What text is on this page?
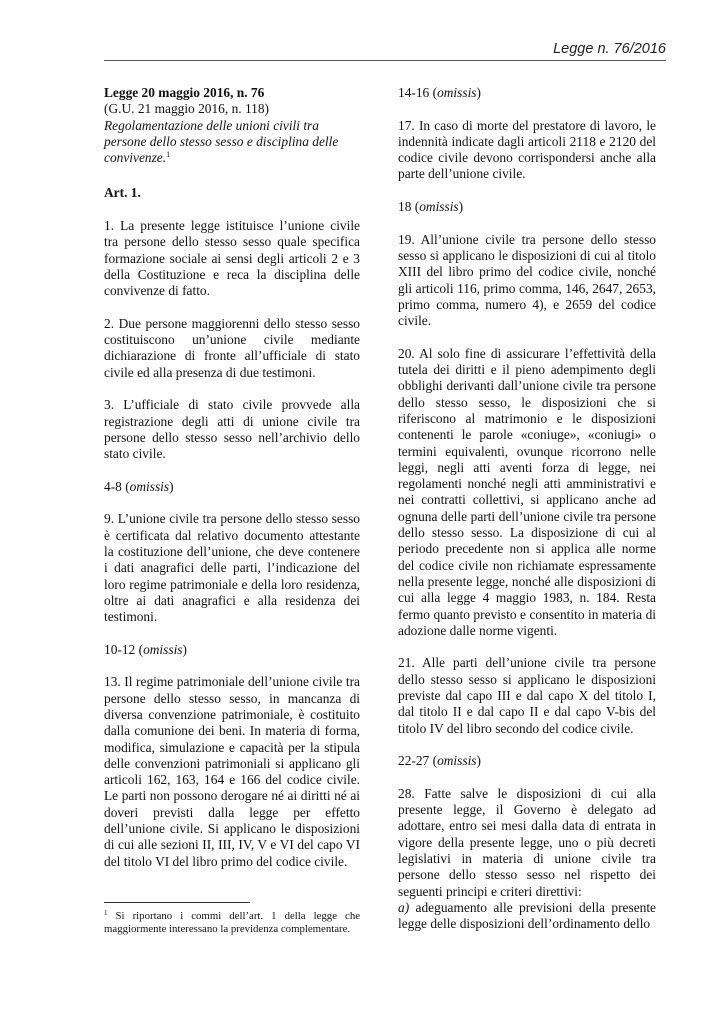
Legge n. 76/2016
Legge 20 maggio 2016, n. 76
(G.U. 21 maggio 2016, n. 118)
Regolamentazione delle unioni civili tra persone dello stesso sesso e disciplina delle convivenze.$^1$

Art. 1.

1. La presente legge istituisce l’unione civile tra persone dello stesso sesso quale specifica formazione sociale ai sensi degli articoli 2 e 3 della Costituzione e reca la disciplina delle convivenze di fatto.

2. Due persone maggiorenni dello stesso sesso costituiscono un’unione civile mediante dichiarazione di fronte all’ufficiale di stato civile ed alla presenza di due testimoni.

3. L’ufficiale di stato civile provvede alla registrazione degli atti di unione civile tra persone dello stesso sesso nell’archivio dello stato civile.

4-8 (omissis)

9. L’unione civile tra persone dello stesso sesso è certificata dal relativo documento attestante la costituzione dell’unione, che deve contenere i dati anagrafici delle parti, l’indicazione del loro regime patrimoniale e della loro residenza, oltre ai dati anagrafici e alla residenza dei testimoni.

10-12 (omissis)

13. Il regime patrimoniale dell’unione civile tra persone dello stesso sesso, in mancanza di diversa convenzione patrimoniale, è costituito dalla comunione dei beni. In materia di forma, modifica, simulazione e capacità per la stipula delle convenzioni patrimoniali si applicano gli articoli 162, 163, 164 e 166 del codice civile. Le parti non possono derogare né ai diritti né ai doveri previsti dalla legge per effetto dell’unione civile. Si applicano le disposizioni di cui alle sezioni II, III, IV, V e VI del capo VI del titolo VI del libro primo del codice civile.

$^1$ Si riportano i commi dell’art. 1 della legge che maggiormente interessano la previdenza complementare.

14-16 (omissis)

17. In caso di morte del prestatore di lavoro, le indennità indicate dagli articoli 2118 e 2120 del codice civile devono corrispondersi anche alla parte dell’unione civile.

18 (omissis)

19. All’unione civile tra persone dello stesso sesso si applicano le disposizioni di cui al titolo XIII del libro primo del codice civile, nonché gli articoli 116, primo comma, 146, 2647, 2653, primo comma, numero 4), e 2659 del codice civile.

20. Al solo fine di assicurare l’effettività della tutela dei diritti e il pieno adempimento degli obblighi derivanti dall’unione civile tra persone dello stesso sesso, le disposizioni che si riferiscono al matrimonio e le disposizioni contenenti le parole «coniuge», «coniugi» o termini equivalenti, ovunque ricorrono nelle leggi, negli atti aventi forza di legge, nei regolamenti nonché negli atti amministrativi e nei contratti collettivi, si applicano anche ad ognuna delle parti dell’unione civile tra persone dello stesso sesso. La disposizione di cui al periodo precedente non si applica alle norme del codice civile non richiamate espressamente nella presente legge, nonché alle disposizioni di cui alla legge 4 maggio 1983, n. 184. Resta fermo quanto previsto e consentito in materia di adozione dalle norme vigenti.

21. Alle parti dell’unione civile tra persone dello stesso sesso si applicano le disposizioni previste dal capo III e dal capo X del titolo I, dal titolo II e dal capo II e dal capo V-bis del titolo IV del libro secondo del codice civile.

22-27 (omissis)

28. Fatte salve le disposizioni di cui alla presente legge, il Governo è delegato ad adottare, entro sei mesi dalla data di entrata in vigore della presente legge, uno o più decreti legislativi in materia di unione civile tra persone dello stesso sesso nel rispetto dei seguenti principi e criteri direttivi:

a) adeguamento alle previsioni della presente legge delle disposizioni dell’ordinamento dello
